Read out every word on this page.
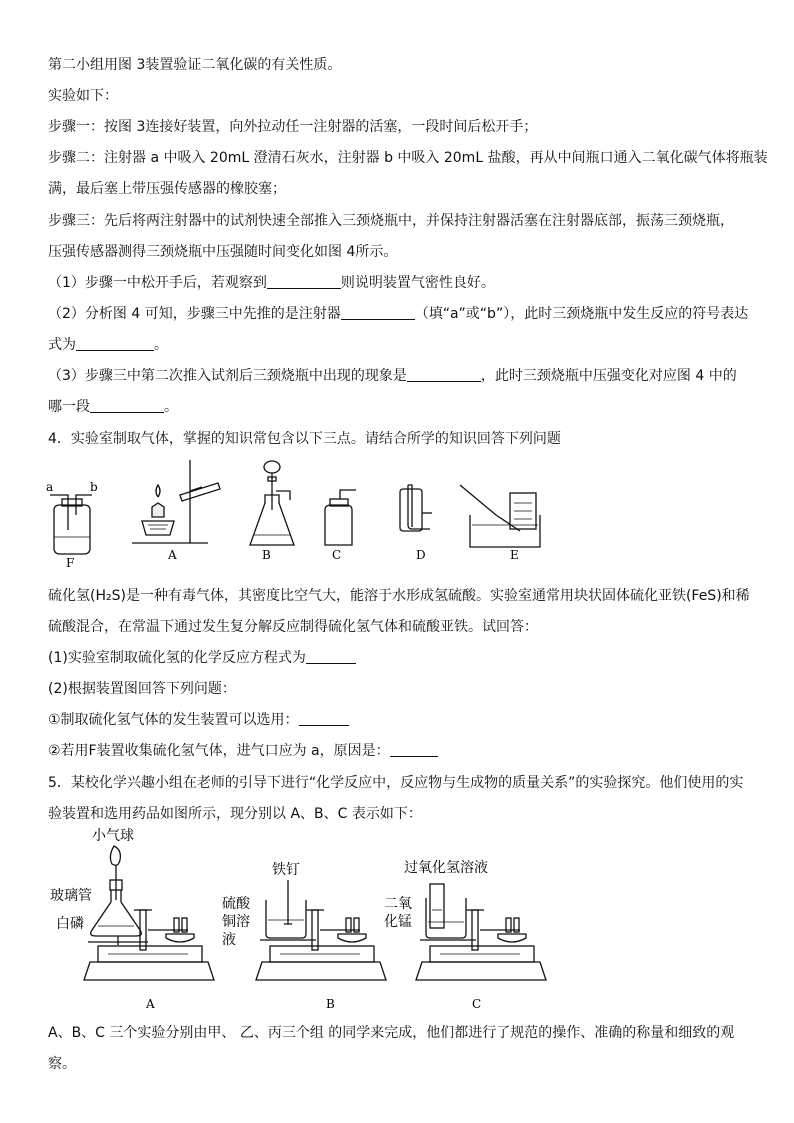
第二小组用图 3装置验证二氧化碳的有关性质。
实验如下：
步骤一：按图 3连接好装置，向外拉动任一注射器的活塞，一段时间后松开手；
步骤二：注射器 a 中吸入 20mL 澄清石灰水，注射器 b 中吸入 20mL 盐酸，再从中间瓶口通入二氧化碳气体将瓶装
满，最后塞上带压强传感器的橡胶塞；
步骤三：先后将两注射器中的试剂快速全部推入三颈烧瓶中，并保持注射器活塞在注射器底部，振荡三颈烧瓶，
压强传感器测得三颈烧瓶中压强随时间变化如图 4所示。
（1）步骤一中松开手后，若观察到	则说明装置气密性良好。
（2）分析图 4 可知，步骤三中先推的是注射器	（填“a”或“b”），此时三颈烧瓶中发生反应的符号表达
式为	。
（3）步骤三中第二次推入试剂后三颈烧瓶中出现的现象是	，此时三颈烧瓶中压强变化对应图 4 中的
哪一段	。
4．实验室制取气体，掌握的知识常包含以下三点。请结合所学的知识回答下列问题
a	b
F
A	B	C	D	E
硫化氢(H₂S)是一种有毒气体，其密度比空气大，能溶于水形成氢硫酸。实验室通常用块状固体硫化亚铁(FeS)和稀
硫酸混合，在常温下通过发生复分解反应制得硫化氢气体和硫酸亚铁。试回答：
(1)实验室制取硫化氢的化学反应方程式为
(2)根据装置图回答下列问题：
①制取硫化氢气体的发生装置可以选用：
②若用F装置收集硫化氢气体，进气口应为 a，原因是：
5．某校化学兴趣小组在老师的引导下进行“化学反应中，反应物与生成物的质量关系”的实验探究。他们使用的实
验装置和选用药品如图所示，现分别以 A、B、C 表示如下：
小气球
玻璃管
白磷
A
铁钉
硫酸
铜溶
液
B
过氧化氢溶液
二氧
化锰
C
A、B、C 三个实验分别由甲、 乙、丙三个组 的同学来完成，他们都进行了规范的操作、准确的称量和细致的观
察。
